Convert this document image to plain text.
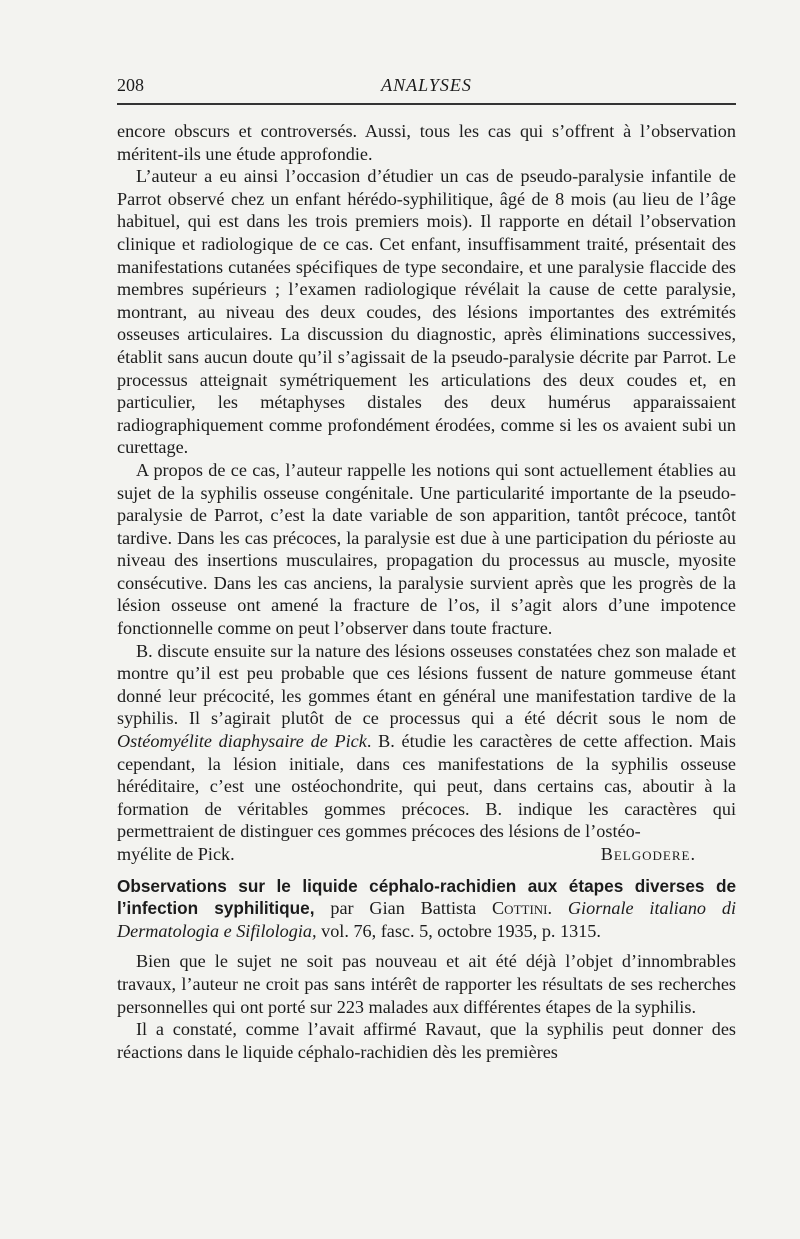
208	ANALYSES

encore obscurs et controversés. Aussi, tous les cas qui s’offrent à l’observation méritent-ils une étude approfondie.

L’auteur a eu ainsi l’occasion d’étudier un cas de pseudo-paralysie infantile de Parrot observé chez un enfant hérédo-syphilitique, âgé de 8 mois (au lieu de l’âge habituel, qui est dans les trois premiers mois). Il rapporte en détail l’observation clinique et radiologique de ce cas. Cet enfant, insuffisamment traité, présentait des manifestations cutanées spécifiques de type secondaire, et une paralysie flaccide des membres supérieurs ; l’examen radiologique révélait la cause de cette paralysie, montrant, au niveau des deux coudes, des lésions importantes des extrémités osseuses articulaires. La discussion du diagnostic, après éliminations successives, établit sans aucun doute qu’il s’agissait de la pseudo-paralysie décrite par Parrot. Le processus atteignait symétriquement les articulations des deux coudes et, en particulier, les métaphyses distales des deux humérus apparaissaient radiographiquement comme profondément érodées, comme si les os avaient subi un curettage.

A propos de ce cas, l’auteur rappelle les notions qui sont actuellement établies au sujet de la syphilis osseuse congénitale. Une particularité importante de la pseudo-paralysie de Parrot, c’est la date variable de son apparition, tantôt précoce, tantôt tardive. Dans les cas précoces, la paralysie est due à une participation du périoste au niveau des insertions musculaires, propagation du processus au muscle, myosite consécutive. Dans les cas anciens, la paralysie survient après que les progrès de la lésion osseuse ont amené la fracture de l’os, il s’agit alors d’une impotence fonctionnelle comme on peut l’observer dans toute fracture.

B. discute ensuite sur la nature des lésions osseuses constatées chez son malade et montre qu’il est peu probable que ces lésions fussent de nature gommeuse étant donné leur précocité, les gommes étant en général une manifestation tardive de la syphilis. Il s’agirait plutôt de ce processus qui a été décrit sous le nom de Ostéomyélite diaphysaire de Pick. B. étudie les caractères de cette affection. Mais cependant, la lésion initiale, dans ces manifestations de la syphilis osseuse héréditaire, c’est une ostéochondrite, qui peut, dans certains cas, aboutir à la formation de véritables gommes précoces. B. indique les caractères qui permettraient de distinguer ces gommes précoces des lésions de l’ostéo-

myélite de Pick.	Belgodere.
Observations sur le liquide céphalo-rachidien aux étapes diverses de l’infection syphilitique, par Gian Battista Cottini. Giornale italiano di Dermatologia e Sifilologia, vol. 76, fasc. 5, octobre 1935, p. 1315.

Bien que le sujet ne soit pas nouveau et ait été déjà l’objet d’innombrables travaux, l’auteur ne croit pas sans intérêt de rapporter les résultats de ses recherches personnelles qui ont porté sur 223 malades aux différentes étapes de la syphilis.

Il a constaté, comme l’avait affirmé Ravaut, que la syphilis peut donner des réactions dans le liquide céphalo-rachidien dès les premières
